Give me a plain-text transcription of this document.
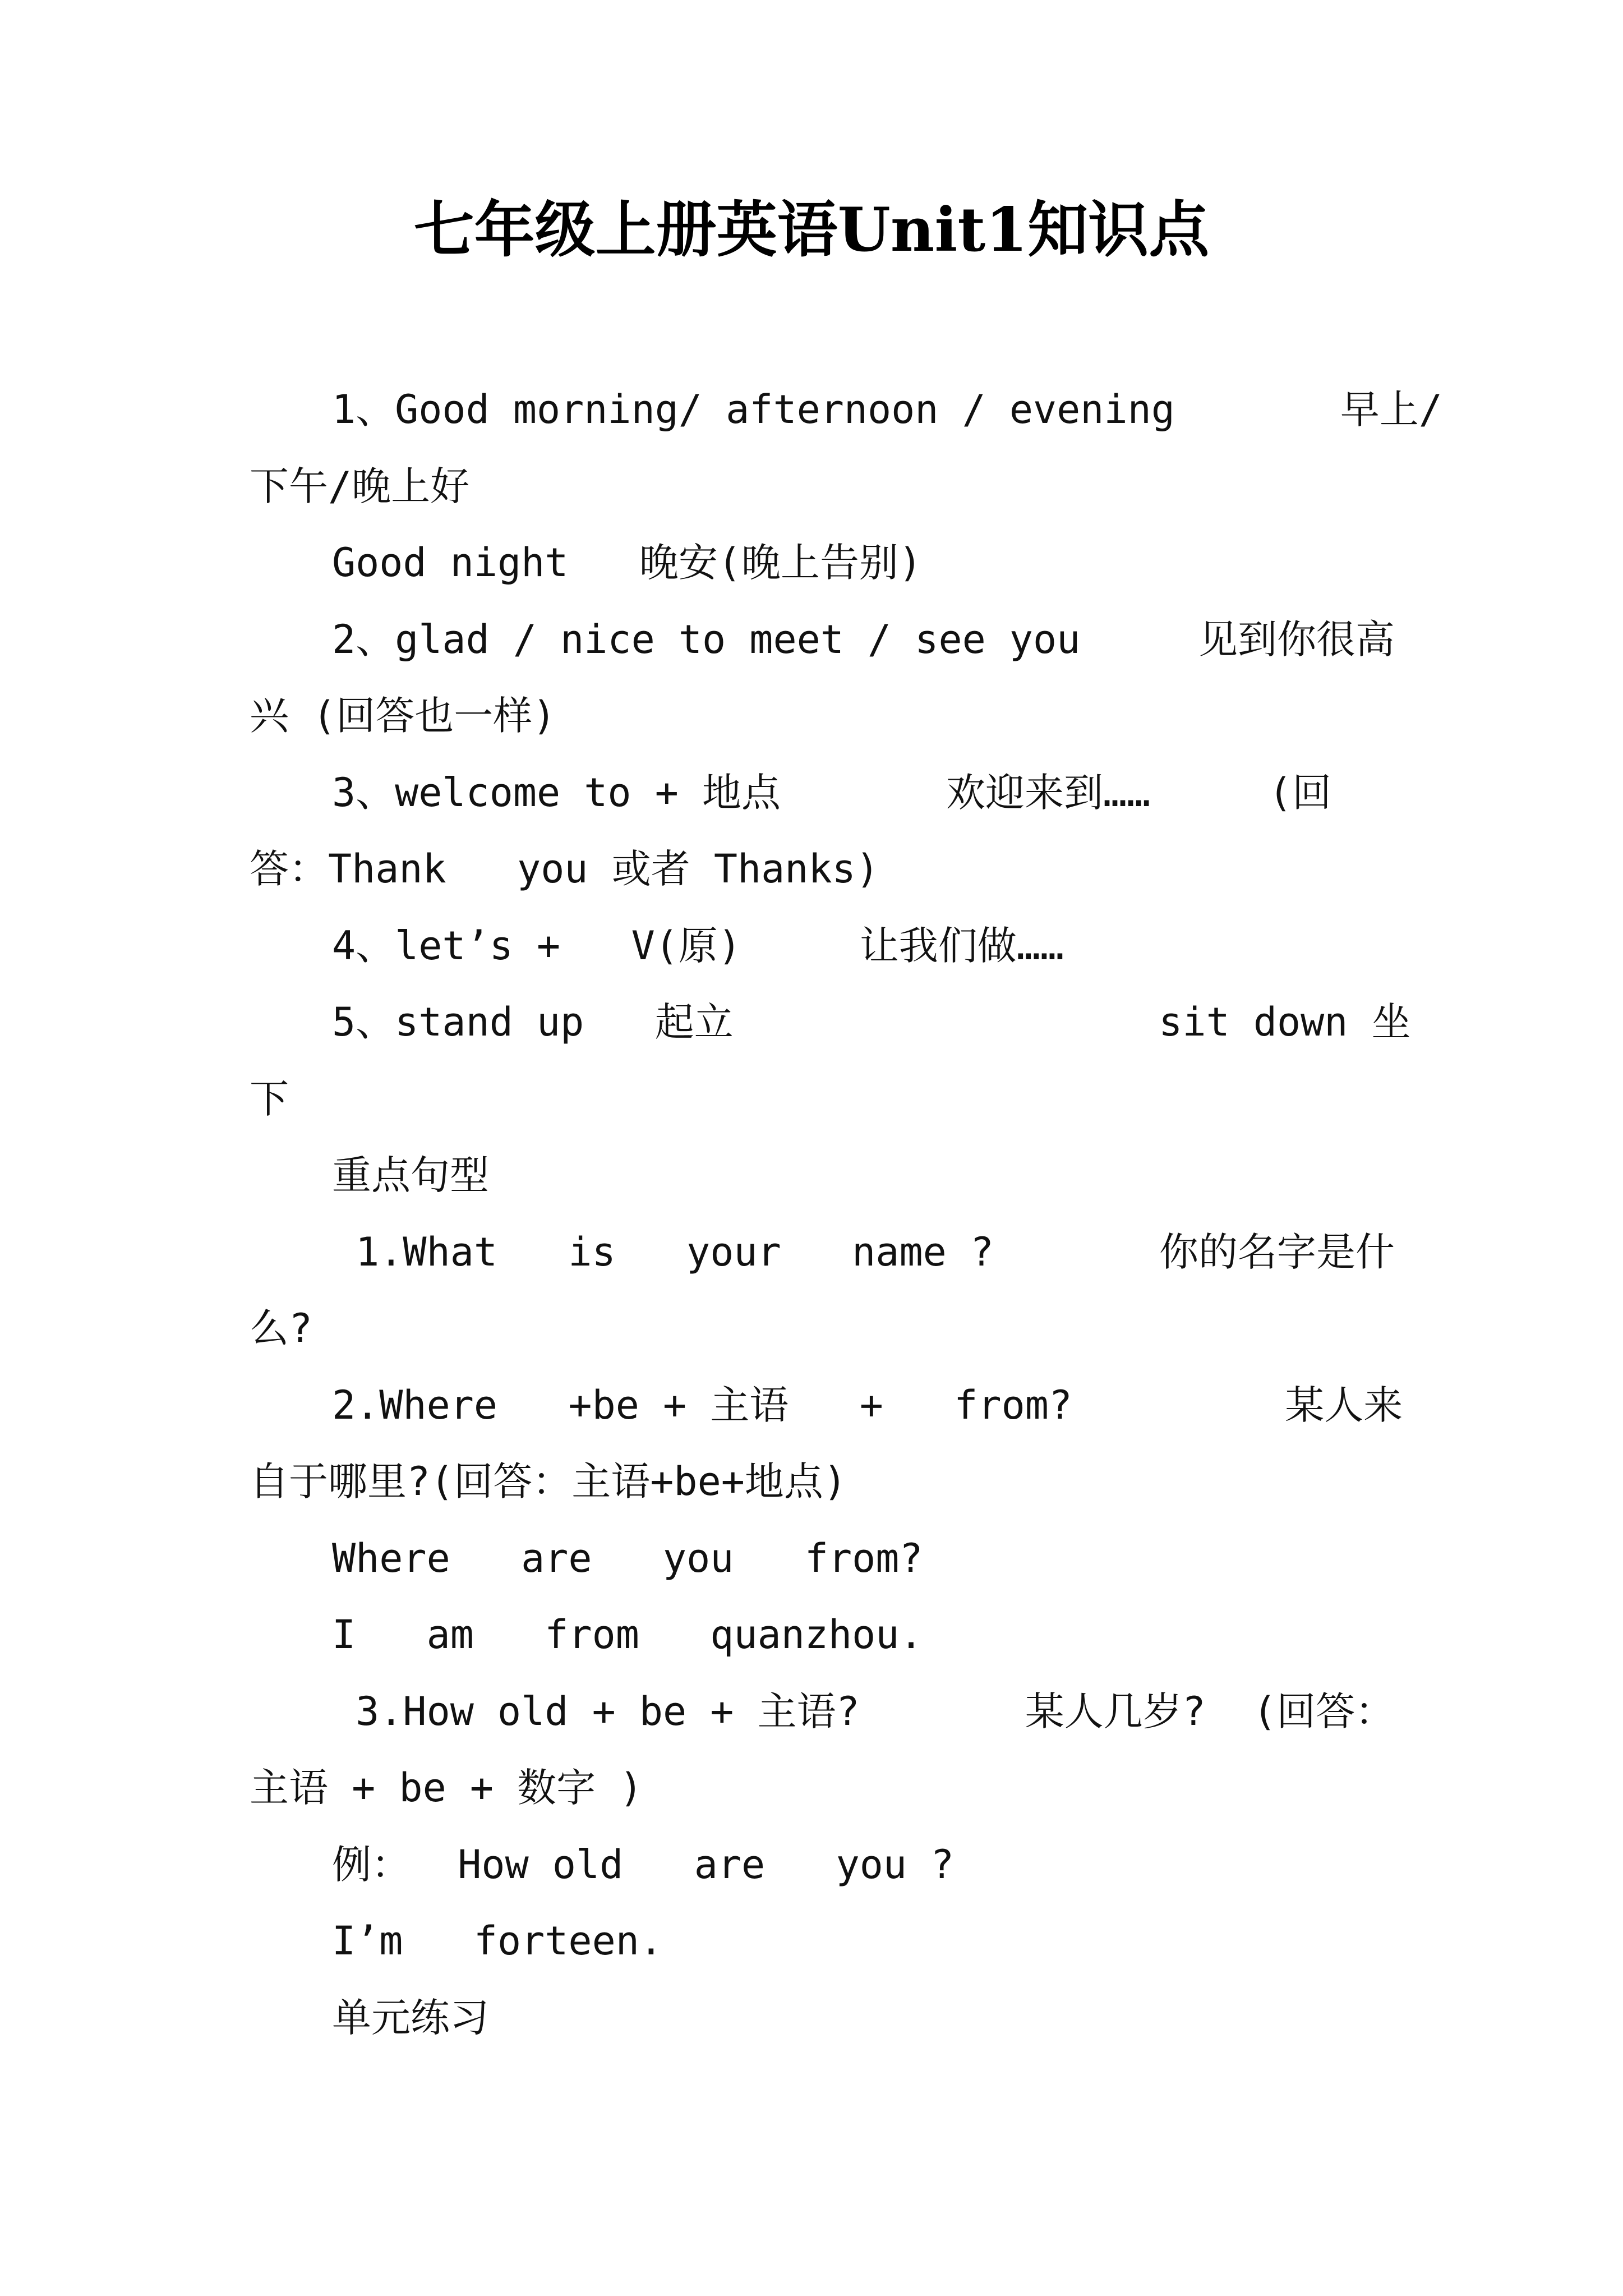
七年级上册英语Unit1知识点
1、Good morning/ afternoon / evening       早上/
下午/晚上好
Good night   晚安(晚上告别)
2、glad / nice to meet / see you     见到你很高
兴 (回答也一样)
3、welcome to + 地点       欢迎来到……     (回
答：Thank   you 或者 Thanks)
4、let’s +   V(原)     让我们做……
5、stand up   起立                  sit down 坐
下
重点句型
1.What   is   your   name ?       你的名字是什
么?
2.Where   +be + 主语   +   from?         某人来
自于哪里?(回答：主语+be+地点)
Where   are   you   from?
I   am   from   quanzhou.
3.How old + be + 主语?       某人几岁?  (回答：
主语 + be + 数字 )
例：  How old   are   you ?
I’m   forteen.
单元练习
